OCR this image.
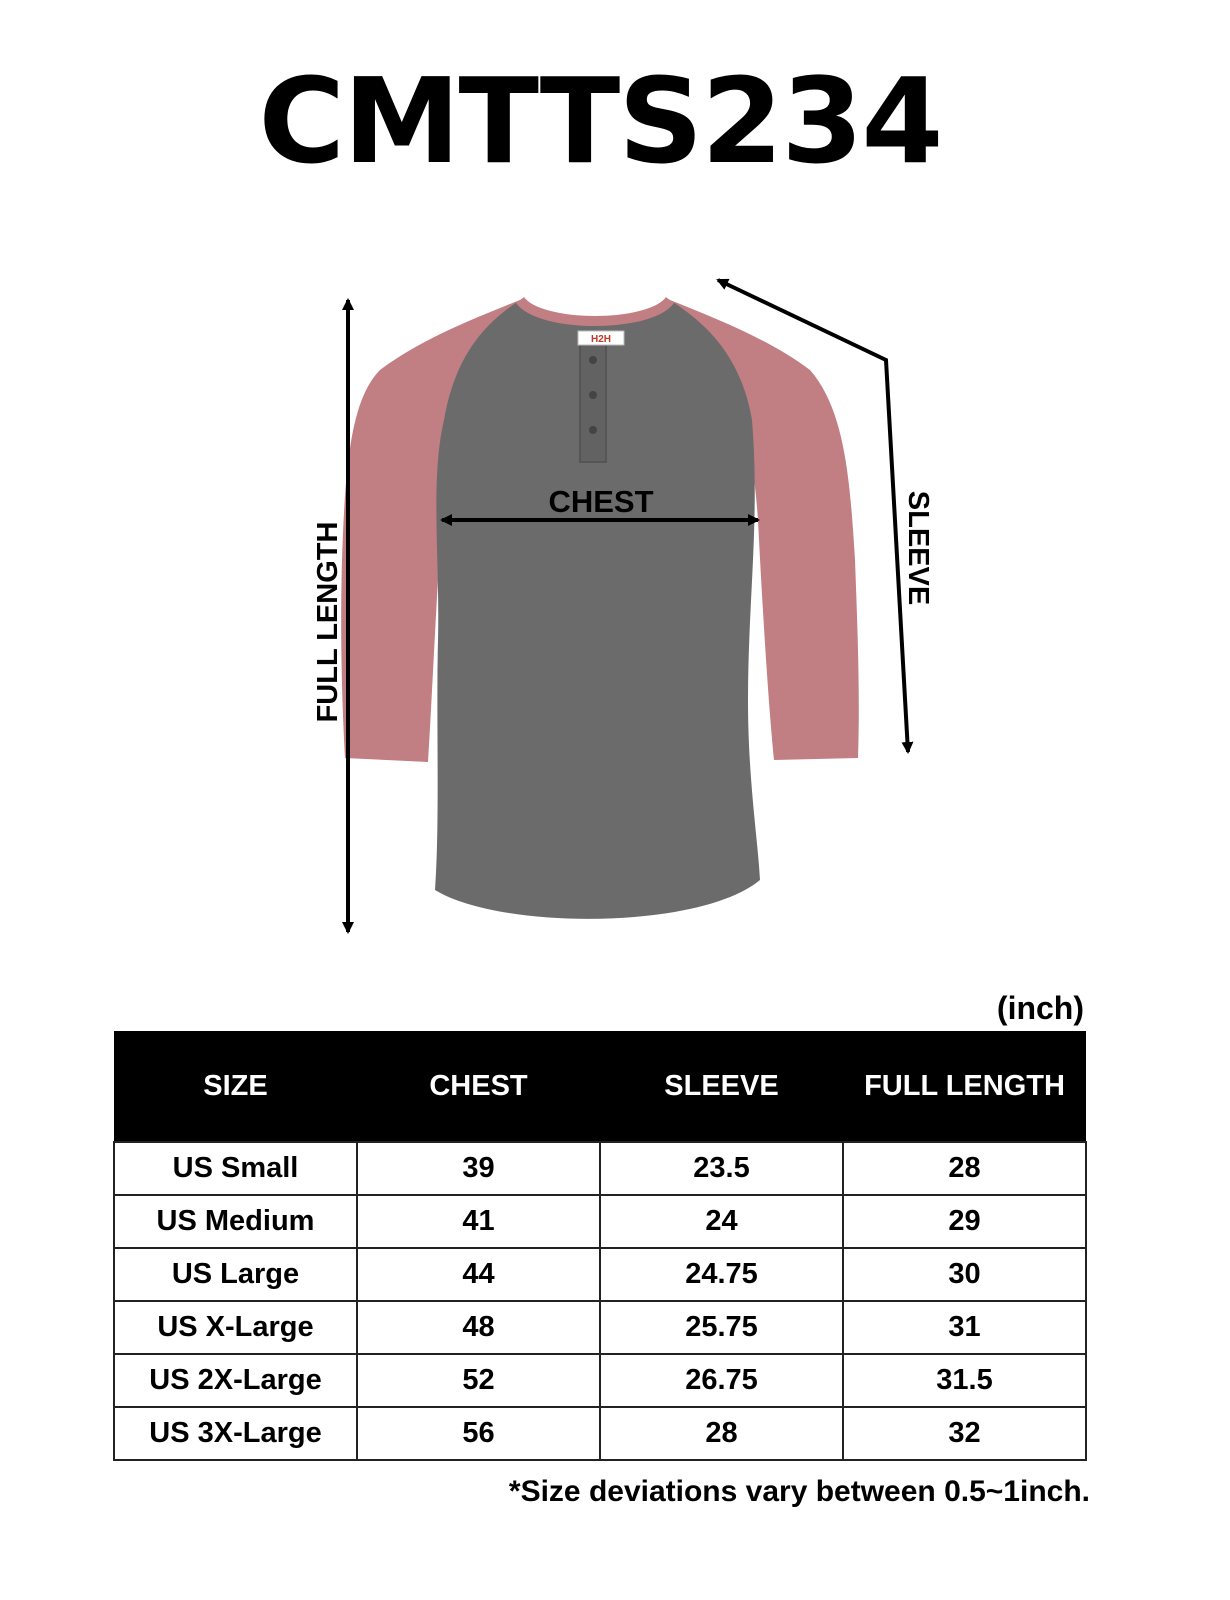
CMTTS234
H2H
CHEST
FULL LENGTH	SLEEVE
(inch)
SIZE	CHEST	SLEEVE	FULL LENGTH
US Small	39	23.5	28
US Medium	41	24	29
US Large	44	24.75	30
US X-Large	48	25.75	31
US 2X-Large	52	26.75	31.5
US 3X-Large	56	28	32
*Size deviations vary between 0.5~1inch.
